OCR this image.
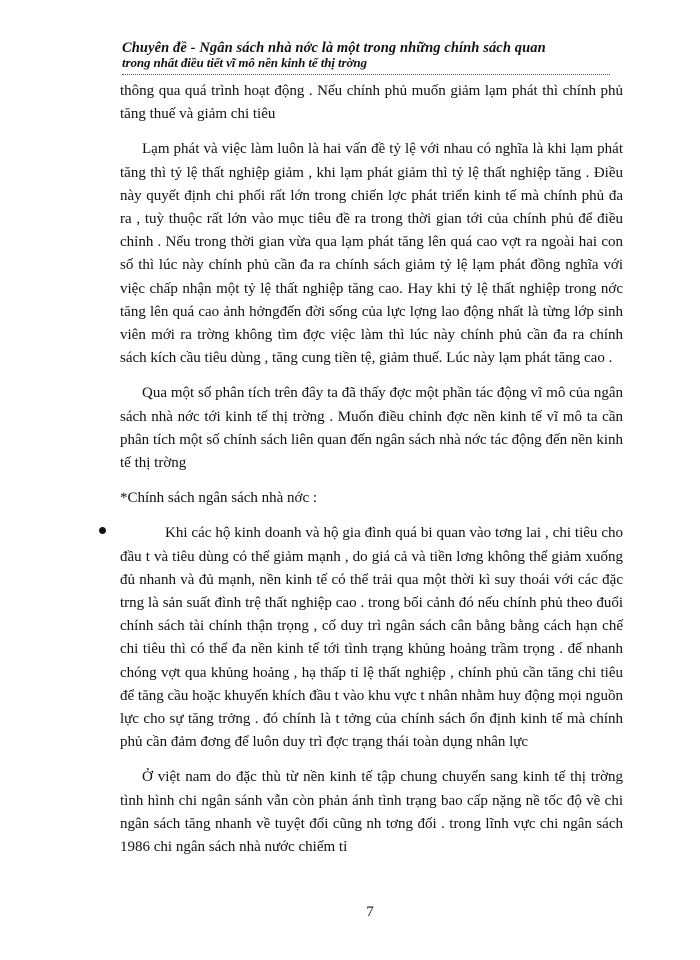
Chuyên đề - Ngân sách nhà nớc là một trong những chính sách quan
trong nhất điều tiết vĩ mô nền kinh tế thị trờng

thông qua quá trình hoạt động . Nếu chính phủ muốn giảm lạm phát thì chính phủ tăng thuế và giảm chi tiêu

Lạm phát và việc làm luôn là hai vấn đề tỷ lệ với nhau có nghĩa là khi lạm phát tăng thì tỷ lệ thất nghiệp giảm , khi lạm phát giảm thì tỷ lệ thất nghiệp tăng . Điều này quyết định chi phối rất lớn trong chiến lợc phát triển kinh tế mà chính phủ đa ra , tuỳ thuộc rất lớn vào mục tiêu đề ra trong thời gian tới của chính phủ để điều chỉnh . Nếu trong thời gian vừa qua lạm phát tăng lên quá cao vợt ra ngoài hai con số thì lúc này chính phủ cần đa ra chính sách giảm tỷ lệ lạm phát đồng nghĩa với việc chấp nhận một tỷ lệ thất nghiệp tăng cao. Hay khi tỷ lệ thất nghiệp trong nớc tăng lên quá cao ảnh hởngđến đời sống của lực lợng lao động nhất là từng lớp sinh viên mới ra trờng không tìm đợc việc làm thì lúc này chính phủ cần đa ra chính sách kích cầu tiêu dùng , tăng cung tiền tệ, giảm thuế. Lúc này lạm phát tăng cao .

Qua một số phân tích trên đây ta đã thấy đợc một phần tác động vĩ mô của ngân sách nhà nớc tới kinh tế thị trờng . Muốn điều chỉnh đợc nền kinh tế vĩ mô ta cần phân tích một số chính sách liên quan đến ngân sách nhà nớc tác động đến nền kinh tế thị trờng

*Chính sách ngân sách nhà nớc :

Khi các hộ kinh doanh và hộ gia đình quá bi quan vào tơng lai , chi tiêu cho đầu t và tiêu dùng có thể giảm mạnh , do giá cả và tiền lơng không thể giảm xuống đủ nhanh và đủ mạnh, nền kinh tế có thể trải qua một thời kì suy thoái với các đặc trng là sản suất đình trệ thất nghiệp cao . trong bối cảnh đó nếu chính phủ theo đuổi chính sách tài chính thận trọng , cố duy trì ngân sách cân bằng bằng cách hạn chế chi tiêu thì có thể đa nền kinh tế tới tình trạng khủng hoảng trầm trọng . để nhanh chóng vợt qua khủng hoảng , hạ thấp tỉ lệ thất nghiệp , chính phủ cần tăng chi tiêu để tăng cầu hoặc khuyến khích đầu t vào khu vực t nhân nhằm huy động mọi nguồn lực cho sự tăng trởng . đó chính là t tởng của chính sách ổn định kinh tế mà chính phủ cần đảm đơng để luôn duy trì đợc trạng thái toàn dụng nhân lực

Ở việt nam do đặc thù từ nền kinh tế tập chung chuyển sang kinh tế thị trờng tình hình chi ngân sánh vẫn còn phản ánh tình trạng bao cấp nặng nề tốc độ về chi ngân sách tăng nhanh về tuyệt đối cũng nh tơng đối . trong lĩnh vực chi ngân sách 1986 chi ngân sách nhà nước chiếm tỉ

7
